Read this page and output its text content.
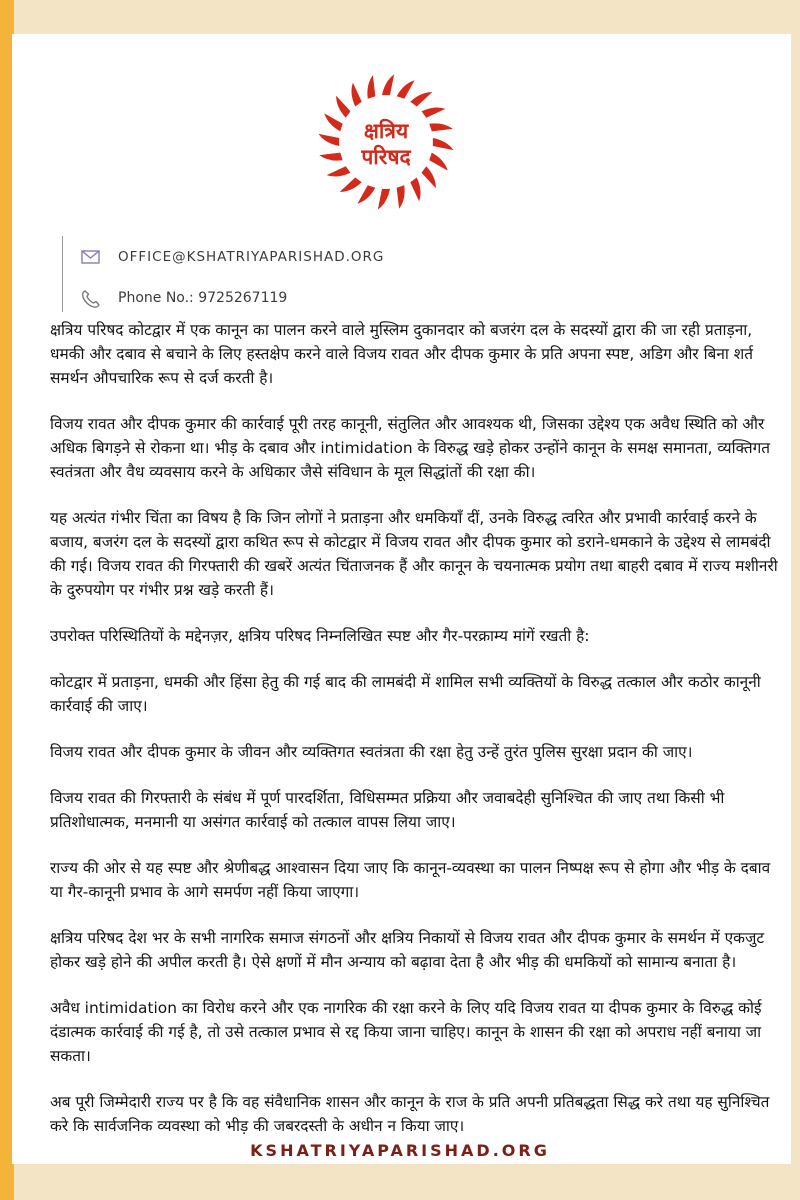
क्षत्रिय
परिषद
OFFICE@KSHATRIYAPARISHAD.ORG
Phone No.:
9725267119

क्षत्रिय परिषद कोटद्वार में एक कानून का पालन करने वाले मुस्लिम दुकानदार को बजरंग दल के सदस्यों द्वारा की जा रही प्रताड़ना, धमकी और दबाव से बचाने के लिए हस्तक्षेप करने वाले विजय रावत और दीपक कुमार के प्रति अपना स्पष्ट, अडिग और बिना शर्त समर्थन औपचारिक रूप से दर्ज करती है।

विजय रावत और दीपक कुमार की कार्रवाई पूरी तरह कानूनी, संतुलित और आवश्यक थी, जिसका उद्देश्य एक अवैध स्थिति को और अधिक बिगड़ने से रोकना था। भीड़ के दबाव और intimidation के विरुद्ध खड़े होकर उन्होंने कानून के समक्ष समानता, व्यक्तिगत स्वतंत्रता और वैध व्यवसाय करने के अधिकार जैसे संविधान के मूल सिद्धांतों की रक्षा की।

यह अत्यंत गंभीर चिंता का विषय है कि जिन लोगों ने प्रताड़ना और धमकियाँ दीं, उनके विरुद्ध त्वरित और प्रभावी कार्रवाई करने के बजाय, बजरंग दल के सदस्यों द्वारा कथित रूप से कोटद्वार में विजय रावत और दीपक कुमार को डराने-धमकाने के उद्देश्य से लामबंदी की गई। विजय रावत की गिरफ्तारी की खबरें अत्यंत चिंताजनक हैं और कानून के चयनात्मक प्रयोग तथा बाहरी दबाव में राज्य मशीनरी के दुरुपयोग पर गंभीर प्रश्न खड़े करती हैं।

उपरोक्त परिस्थितियों के मद्देनज़र, क्षत्रिय परिषद निम्नलिखित स्पष्ट और गैर-परक्राम्य मांगें रखती है:

कोटद्वार में प्रताड़ना, धमकी और हिंसा हेतु की गई बाद की लामबंदी में शामिल सभी व्यक्तियों के विरुद्ध तत्काल और कठोर कानूनी कार्रवाई की जाए।

विजय रावत और दीपक कुमार के जीवन और व्यक्तिगत स्वतंत्रता की रक्षा हेतु उन्हें तुरंत पुलिस सुरक्षा प्रदान की जाए।

विजय रावत की गिरफ्तारी के संबंध में पूर्ण पारदर्शिता, विधिसम्मत प्रक्रिया और जवाबदेही सुनिश्चित की जाए तथा किसी भी प्रतिशोधात्मक, मनमानी या असंगत कार्रवाई को तत्काल वापस लिया जाए।

राज्य की ओर से यह स्पष्ट और श्रेणीबद्ध आश्वासन दिया जाए कि कानून-व्यवस्था का पालन निष्पक्ष रूप से होगा और भीड़ के दबाव या गैर-कानूनी प्रभाव के आगे समर्पण नहीं किया जाएगा।

क्षत्रिय परिषद देश भर के सभी नागरिक समाज संगठनों और क्षत्रिय निकायों से विजय रावत और दीपक कुमार के समर्थन में एकजुट होकर खड़े होने की अपील करती है। ऐसे क्षणों में मौन अन्याय को बढ़ावा देता है और भीड़ की धमकियों को सामान्य बनाता है।

अवैध intimidation का विरोध करने और एक नागरिक की रक्षा करने के लिए यदि विजय रावत या दीपक कुमार के विरुद्ध कोई दंडात्मक कार्रवाई की गई है, तो उसे तत्काल प्रभाव से रद्द किया जाना चाहिए। कानून के शासन की रक्षा को अपराध नहीं बनाया जा सकता।

अब पूरी जिम्मेदारी राज्य पर है कि वह संवैधानिक शासन और कानून के राज के प्रति अपनी प्रतिबद्धता सिद्ध करे तथा यह सुनिश्चित करे कि सार्वजनिक व्यवस्था को भीड़ की जबरदस्ती के अधीन न किया जाए।

KSHATRIYAPARISHAD.ORG
